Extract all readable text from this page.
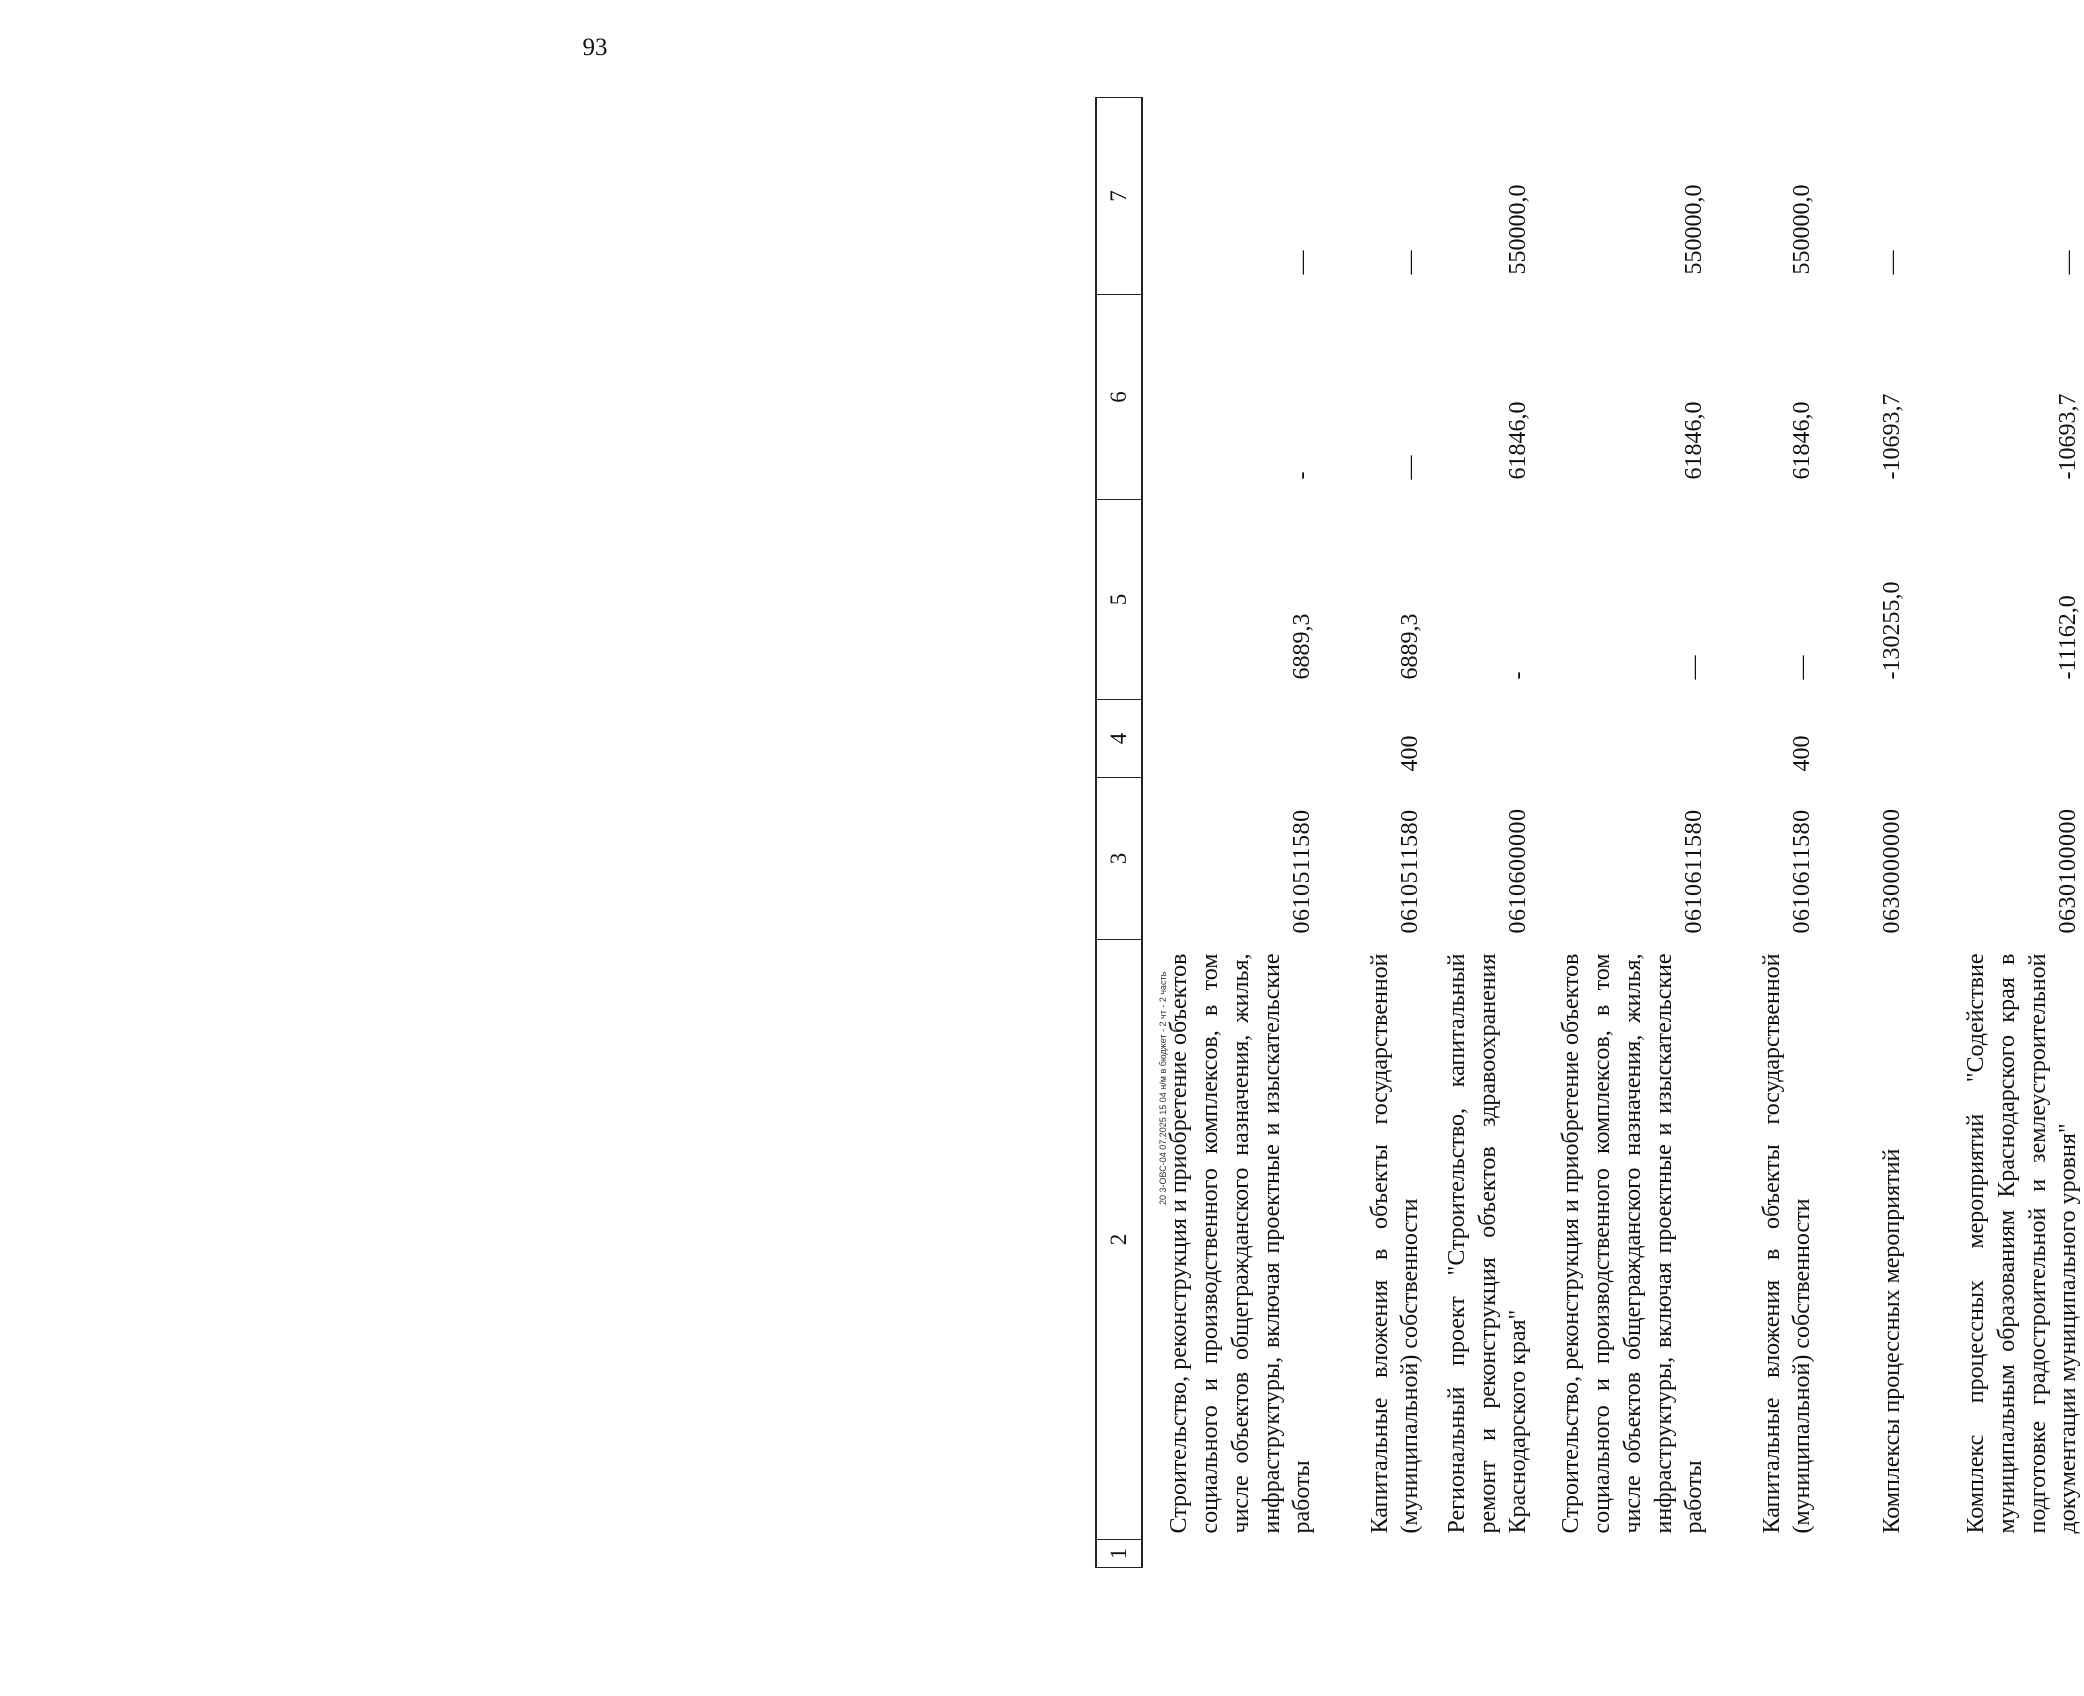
93
1	2	3	4	5	6	7
	Строительство, реконструкция и приобретение объектов социального и производственного комплексов, в том числе объектов общегражданского назначения, жилья, инфраструктуры, включая проектные и изыскательские работы	0610511580		6889,3	-	—
	Капитальные вложения в объекты государственной (муниципальной) собственности	0610511580	400	6889,3	—	—
	Региональный проект "Строительство, капитальный ремонт и реконструкция объектов здравоохранения Краснодарского края"	0610600000		-	61846,0	550000,0
	Строительство, реконструкция и приобретение объектов социального и производственного комплексов, в том числе объектов общегражданского назначения, жилья, инфраструктуры, включая проектные и изыскательские работы	0610611580		—	61846,0	550000,0
	Капитальные вложения в объекты государственной (муниципальной) собственности	0610611580	400	—	61846,0	550000,0
	Комплексы процессных мероприятий	0630000000		-130255,0	-10693,7	—
	Комплекс процессных мероприятий "Содействие муниципальным образованиям Краснодарского края в подготовке градостроительной и землеустроительной документации муниципального уровня"	0630100000		-11162,0	-10693,7	—
20 3-ОВС-04 07.2025 15 04 н/м в бюджет - 2 чт - 2 часть
